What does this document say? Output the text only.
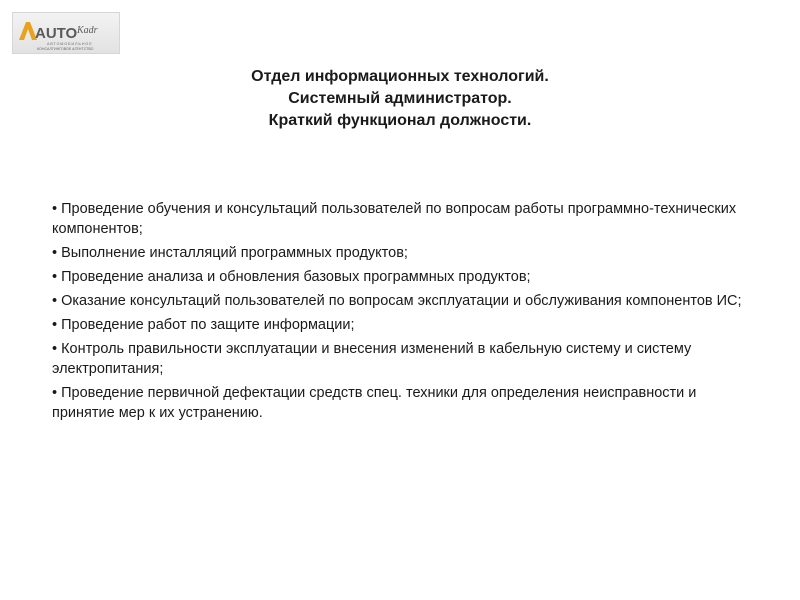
AUTO Kadr
АВТОМОБИЛЬНОЕ
КОНСАЛТИНГОВОЕ АГЕНТСТВО
Отдел информационных технологий.
Системный администратор.
Краткий функционал должности.
• Проведение обучения и консультаций пользователей по вопросам работы программно-технических компонентов;
• Выполнение инсталляций программных продуктов;
• Проведение анализа и обновления базовых программных продуктов;
• Оказание консультаций пользователей по вопросам эксплуатации и обслуживания компонентов ИС;
• Проведение работ по защите информации;
• Контроль правильности эксплуатации и внесения изменений в кабельную систему и систему электропитания;
• Проведение первичной дефектации средств спец. техники для определения неисправности и принятие мер к их устранению.
